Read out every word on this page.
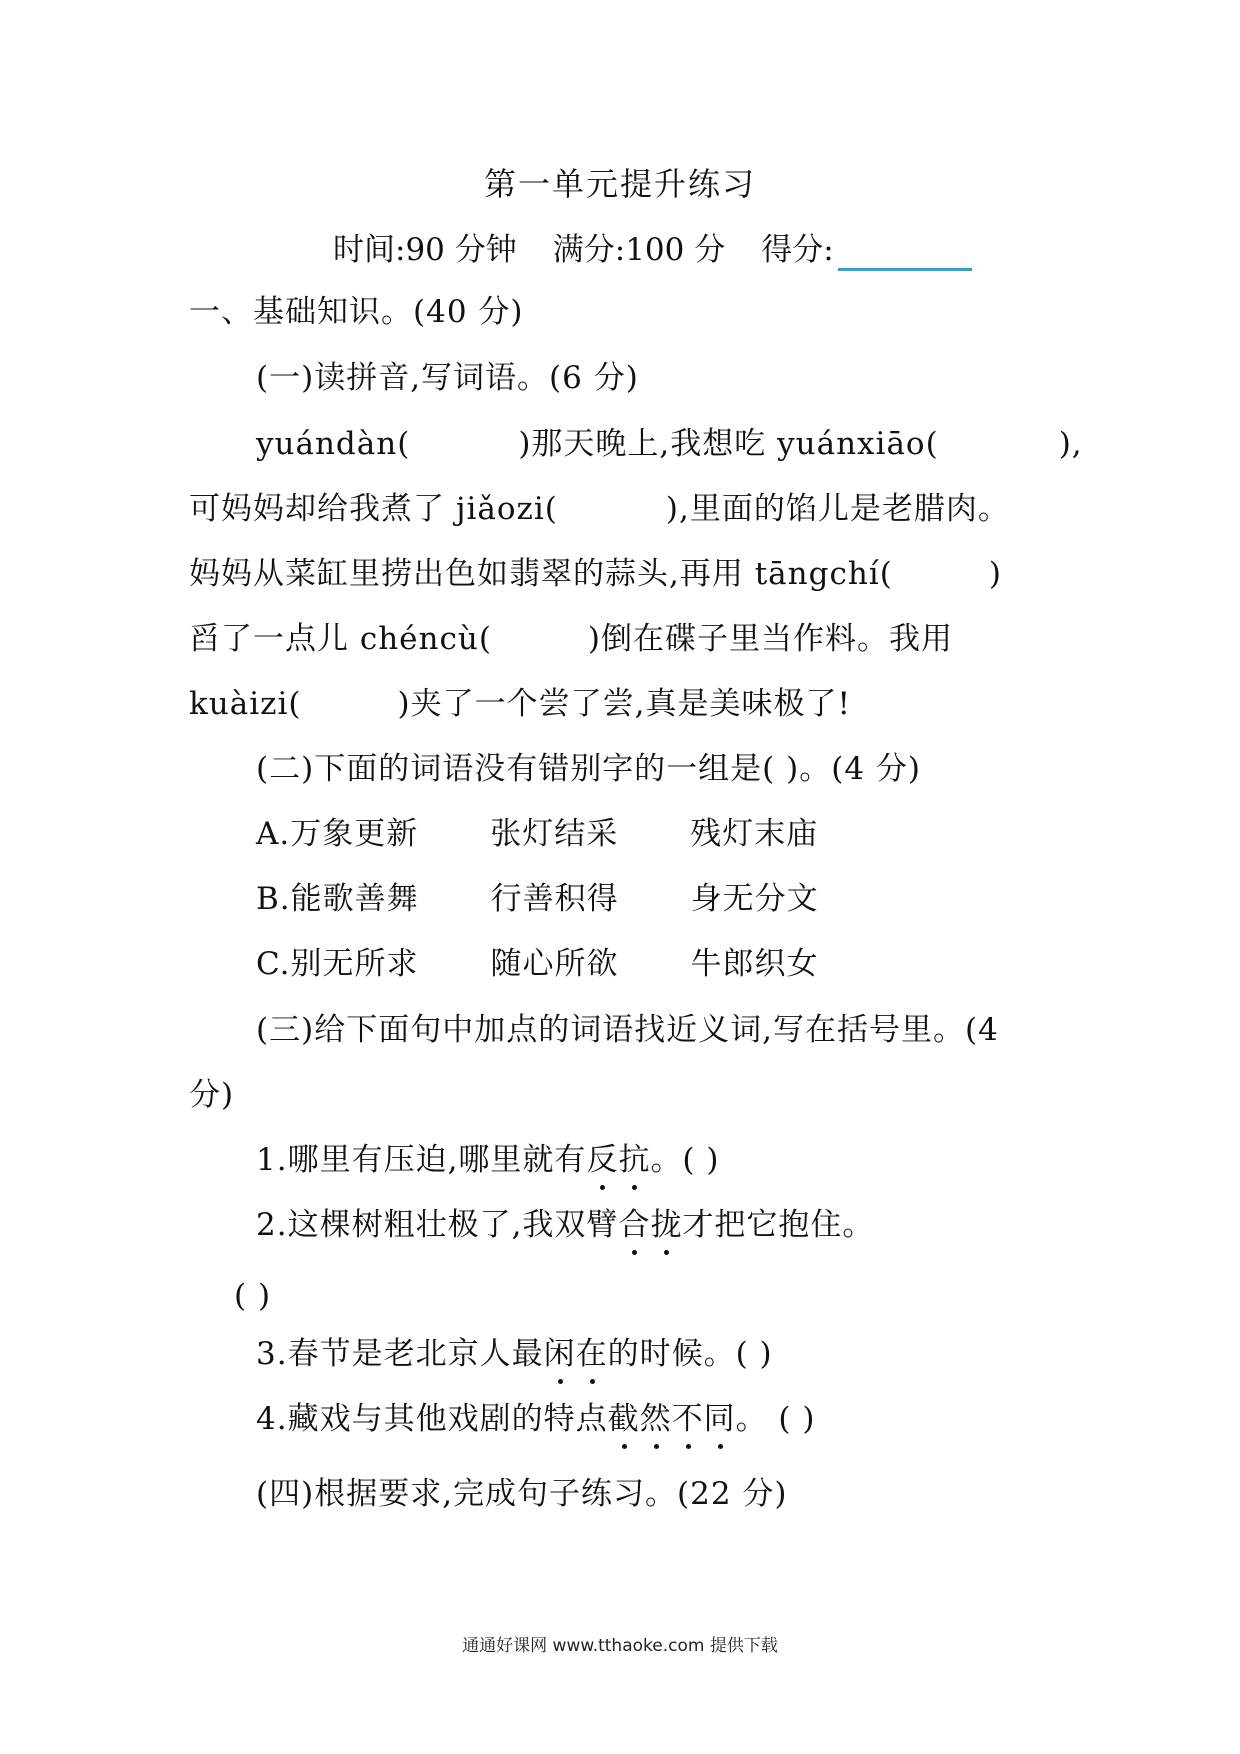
第一单元提升练习
时间:90 分钟 满分:100 分 得分:
一、基础知识。(40 分)
(一)读拼音,写词语。(6 分)
yuándàn(	)那天晚上,我想吃 yuánxiāo(	),
可妈妈却给我煮了 jiǎozi(	),里面的馅儿是老腊肉。
妈妈从菜缸里捞出色如翡翠的蒜头,再用 tāngchí(	)
舀了一点儿 chéncù(	)倒在碟子里当作料。我用
kuàizi(	)夹了一个尝了尝,真是美味极了!
(二)下面的词语没有错别字的一组是( )。(4 分)
A.万象更新 张灯结采 残灯末庙
B.能歌善舞 行善积得 身无分文
C.别无所求 随心所欲 牛郎织女
(三)给下面句中加点的词语找近义词,写在括号里。(4
分)
1.哪里有压迫,哪里就有反抗。( )
2.这棵树粗壮极了,我双臂合拢才把它抱住。
( )
3.春节是老北京人最闲在的时候。( )
4.藏戏与其他戏剧的特点截然不同。 ( )
(四)根据要求,完成句子练习。(22 分)
通通好课网 www.tthaoke.com 提供下载
